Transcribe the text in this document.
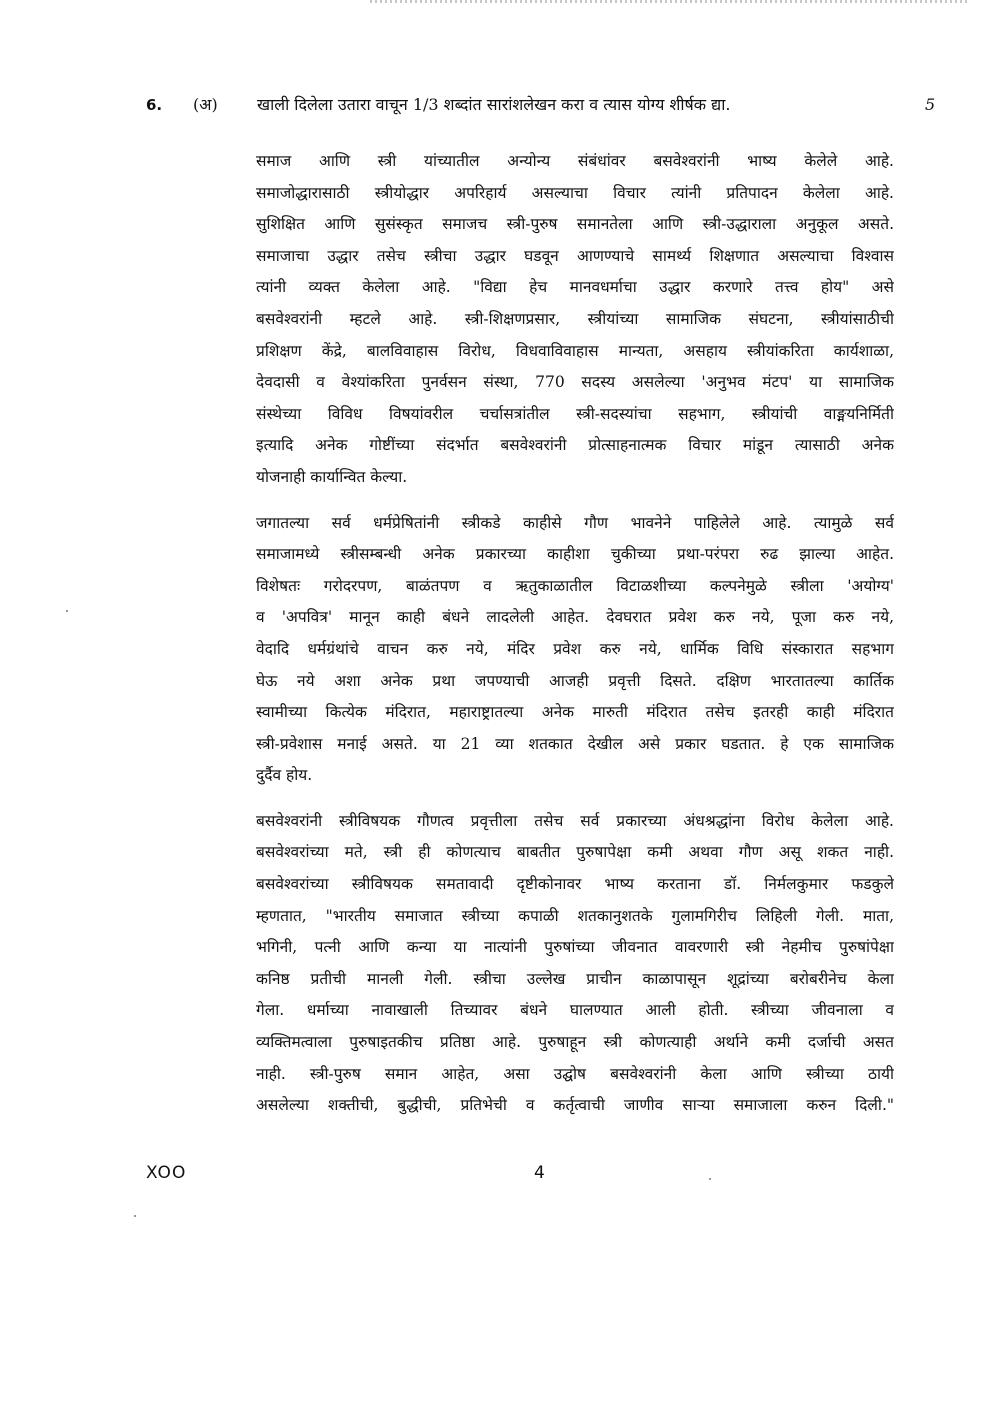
6. (अ) खाली दिलेला उतारा वाचून 1/3 शब्दांत सारांशलेखन करा व त्यास योग्य शीर्षक द्या.	5
समाज आणि स्त्री यांच्यातील अन्योन्य संबंधांवर बसवेश्वरांनी भाष्य केलेले आहे.
समाजोद्धारासाठी स्त्रीयोद्धार अपरिहार्य असल्याचा विचार त्यांनी प्रतिपादन केलेला आहे.
सुशिक्षित आणि सुसंस्कृत समाजच स्त्री-पुरुष समानतेला आणि स्त्री-उद्धाराला अनुकूल असते.
समाजाचा उद्धार तसेच स्त्रीचा उद्धार घडवून आणण्याचे सामर्थ्य शिक्षणात असल्याचा विश्वास
त्यांनी व्यक्त केलेला आहे. "विद्या हेच मानवधर्माचा उद्धार करणारे तत्त्व होय" असे
बसवेश्वरांनी म्हटले आहे. स्त्री-शिक्षणप्रसार, स्त्रीयांच्या सामाजिक संघटना, स्त्रीयांसाठीची
प्रशिक्षण केंद्रे, बालविवाहास विरोध, विधवाविवाहास मान्यता, असहाय स्त्रीयांकरिता कार्यशाळा,
देवदासी व वेश्यांकरिता पुनर्वसन संस्था, 770 सदस्य असलेल्या 'अनुभव मंटप' या सामाजिक
संस्थेच्या विविध विषयांवरील चर्चासत्रांतील स्त्री-सदस्यांचा सहभाग, स्त्रीयांची वाङ्मयनिर्मिती
इत्यादि अनेक गोष्टींच्या संदर्भात बसवेश्वरांनी प्रोत्साहनात्मक विचार मांडून त्यासाठी अनेक
योजनाही कार्यान्वित केल्या.
जगातल्या सर्व धर्मप्रेषितांनी स्त्रीकडे काहीसे गौण भावनेने पाहिलेले आहे. त्यामुळे सर्व
समाजामध्ये स्त्रीसम्बन्धी अनेक प्रकारच्या काहीशा चुकीच्या प्रथा-परंपरा रुढ झाल्या आहेत.
विशेषतः गरोदरपण, बाळंतपण व ऋतुकाळातील विटाळशीच्या कल्पनेमुळे स्त्रीला 'अयोग्य'
व 'अपवित्र' मानून काही बंधने लादलेली आहेत. देवघरात प्रवेश करु नये, पूजा करु नये,
वेदादि धर्मग्रंथांचे वाचन करु नये, मंदिर प्रवेश करु नये, धार्मिक विधि संस्कारात सहभाग
घेऊ नये अशा अनेक प्रथा जपण्याची आजही प्रवृत्ती दिसते. दक्षिण भारतातल्या कार्तिक
स्वामीच्या कित्येक मंदिरात, महाराष्ट्रातल्या अनेक मारुती मंदिरात तसेच इतरही काही मंदिरात
स्त्री-प्रवेशास मनाई असते. या 21 व्या शतकात देखील असे प्रकार घडतात. हे एक सामाजिक
दुर्दैव होय.
बसवेश्वरांनी स्त्रीविषयक गौणत्व प्रवृत्तीला तसेच सर्व प्रकारच्या अंधश्रद्धांना विरोध केलेला आहे.
बसवेश्वरांच्या मते, स्त्री ही कोणत्याच बाबतीत पुरुषापेक्षा कमी अथवा गौण असू शकत नाही.
बसवेश्वरांच्या स्त्रीविषयक समतावादी दृष्टीकोनावर भाष्य करताना डॉ. निर्मलकुमार फडकुले
म्हणतात, "भारतीय समाजात स्त्रीच्या कपाळी शतकानुशतके गुलामगिरीच लिहिली गेली. माता,
भगिनी, पत्नी आणि कन्या या नात्यांनी पुरुषांच्या जीवनात वावरणारी स्त्री नेहमीच पुरुषांपेक्षा
कनिष्ठ प्रतीची मानली गेली. स्त्रीचा उल्लेख प्राचीन काळापासून शूद्रांच्या बरोबरीनेच केला
गेला. धर्माच्या नावाखाली तिच्यावर बंधने घालण्यात आली होती. स्त्रीच्या जीवनाला व
व्यक्तिमत्वाला पुरुषाइतकीच प्रतिष्ठा आहे. पुरुषाहून स्त्री कोणत्याही अर्थाने कमी दर्जाची असत
नाही. स्त्री-पुरुष समान आहेत, असा उद्घोष बसवेश्वरांनी केला आणि स्त्रीच्या ठायी
असलेल्या शक्तीची, बुद्धीची, प्रतिभेची व कर्तृत्वाची जाणीव साऱ्या समाजाला करुन दिली."
XOO	4
